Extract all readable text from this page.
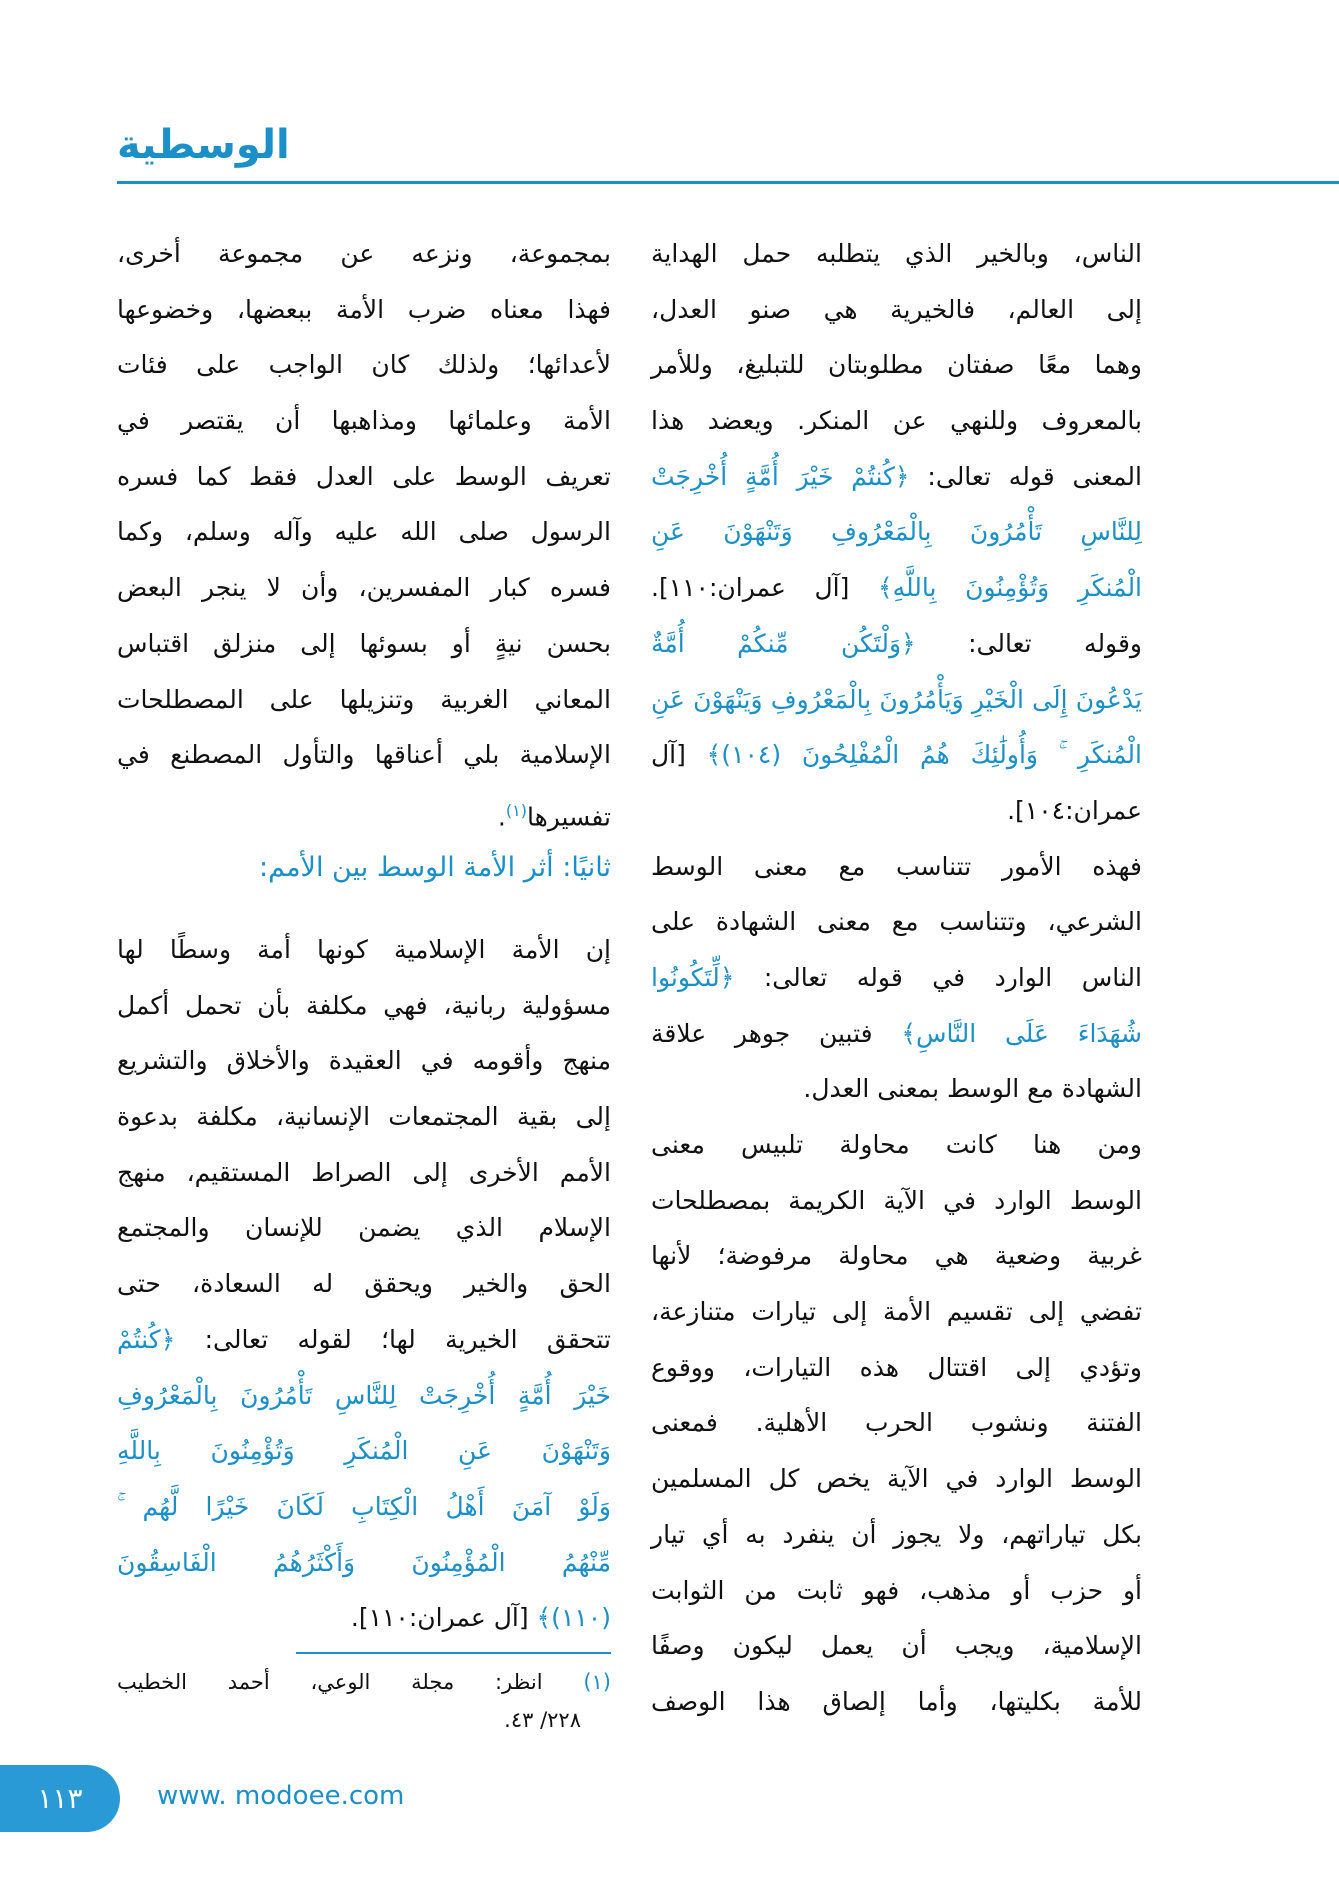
الوسطية
الناس، وبالخير الذي يتطلبه حمل الهداية
إلى العالم، فالخيرية هي صنو العدل،
وهما معًا صفتان مطلوبتان للتبليغ، وللأمر
بالمعروف وللنهي عن المنكر. ويعضد هذا
المعنى قوله تعالى: ﴿كُنتُمْ خَيْرَ أُمَّةٍ أُخْرِجَتْ
لِلنَّاسِ تَأْمُرُونَ بِالْمَعْرُوفِ وَتَنْهَوْنَ عَنِ
الْمُنكَرِ وَتُؤْمِنُونَ بِاللَّهِ﴾ [آل عمران:١١٠].
وقوله تعالى: ﴿وَلْتَكُن مِّنكُمْ أُمَّةٌ
يَدْعُونَ إِلَى الْخَيْرِ وَيَأْمُرُونَ بِالْمَعْرُوفِ وَيَنْهَوْنَ عَنِ
الْمُنكَرِ ۚ وَأُولَٰئِكَ هُمُ الْمُفْلِحُونَ (١٠٤)﴾ [آل
عمران:١٠٤].
فهذه الأمور تتناسب مع معنى الوسط
الشرعي، وتتناسب مع معنى الشهادة على
الناس الوارد في قوله تعالى: ﴿لِّتَكُونُوا
شُهَدَاءَ عَلَى النَّاسِ﴾ فتبين جوهر علاقة
الشهادة مع الوسط بمعنى العدل.
ومن هنا كانت محاولة تلبيس معنى
الوسط الوارد في الآية الكريمة بمصطلحات
غربية وضعية هي محاولة مرفوضة؛ لأنها
تفضي إلى تقسيم الأمة إلى تيارات متنازعة،
وتؤدي إلى اقتتال هذه التيارات، ووقوع
الفتنة ونشوب الحرب الأهلية. فمعنى
الوسط الوارد في الآية يخص كل المسلمين
بكل تياراتهم، ولا يجوز أن ينفرد به أي تيار
أو حزب أو مذهب، فهو ثابت من الثوابت
الإسلامية، ويجب أن يعمل ليكون وصفًا
للأمة بكليتها، وأما إلصاق هذا الوصف
بمجموعة، ونزعه عن مجموعة أخرى،
فهذا معناه ضرب الأمة ببعضها، وخضوعها
لأعدائها؛ ولذلك كان الواجب على فئات
الأمة وعلمائها ومذاهبها أن يقتصر في
تعريف الوسط على العدل فقط كما فسره
الرسول صلى الله عليه وآله وسلم، وكما
فسره كبار المفسرين، وأن لا ينجر البعض
بحسن نيةٍ أو بسوئها إلى منزلق اقتباس
المعاني الغربية وتنزيلها على المصطلحات
الإسلامية بلي أعناقها والتأول المصطنع في
تفسيرها$^{(١)}$.
ثانيًا: أثر الأمة الوسط بين الأمم:
إن الأمة الإسلامية كونها أمة وسطًا لها
مسؤولية ربانية، فهي مكلفة بأن تحمل أكمل
منهج وأقومه في العقيدة والأخلاق والتشريع
إلى بقية المجتمعات الإنسانية، مكلفة بدعوة
الأمم الأخرى إلى الصراط المستقيم، منهج
الإسلام الذي يضمن للإنسان والمجتمع
الحق والخير ويحقق له السعادة، حتى
تتحقق الخيرية لها؛ لقوله تعالى: ﴿كُنتُمْ
خَيْرَ أُمَّةٍ أُخْرِجَتْ لِلنَّاسِ تَأْمُرُونَ بِالْمَعْرُوفِ
وَتَنْهَوْنَ عَنِ الْمُنكَرِ وَتُؤْمِنُونَ بِاللَّهِ
وَلَوْ آمَنَ أَهْلُ الْكِتَابِ لَكَانَ خَيْرًا لَّهُم ۚ
مِّنْهُمُ الْمُؤْمِنُونَ وَأَكْثَرُهُمُ الْفَاسِقُونَ
(١١٠)﴾ [آل عمران:١١٠].
(١) انظر: مجلة الوعي، أحمد الخطيب
٢٢٨/ ٤٣.
١١٣	www. modoee.com
